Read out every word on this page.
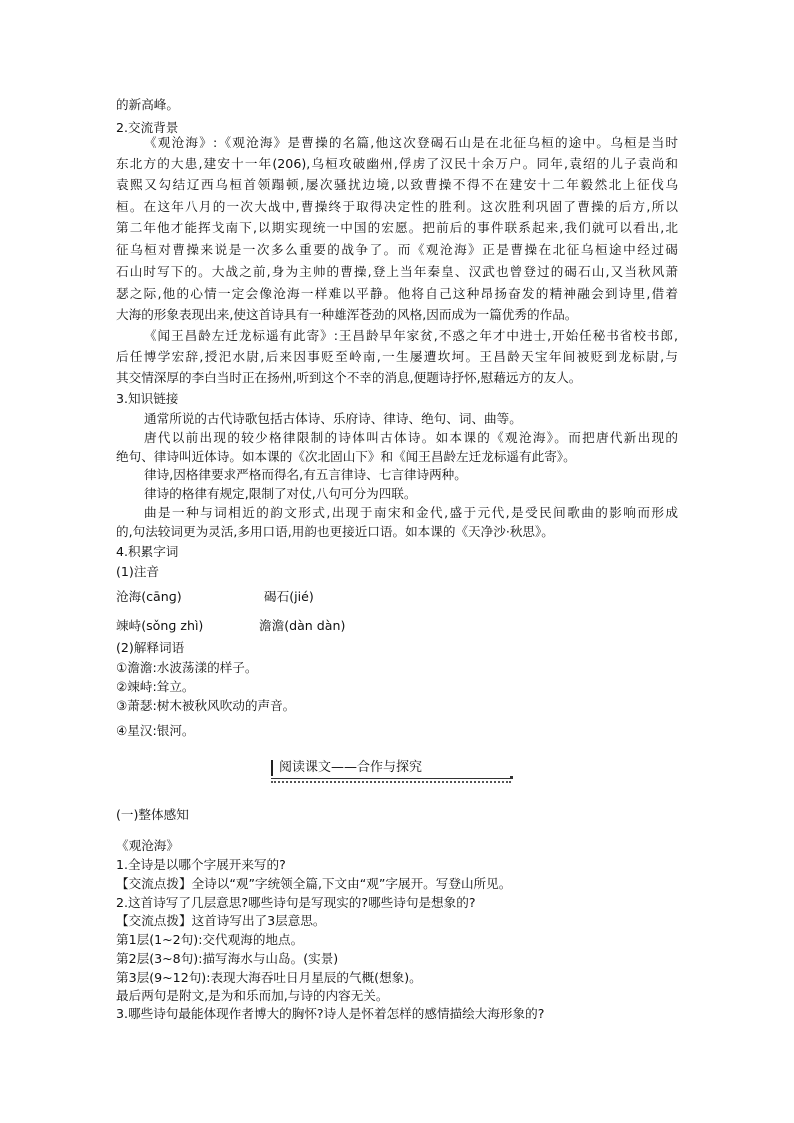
的新高峰。
2.交流背景
《观沧海》:《观沧海》是曹操的名篇,他这次登碣石山是在北征乌桓的途中。乌桓是当时
东北方的大患,建安十一年(206),乌桓攻破幽州,俘虏了汉民十余万户。同年,袁绍的儿子袁尚和
袁熙又勾结辽西乌桓首领蹋顿,屡次骚扰边境,以致曹操不得不在建安十二年毅然北上征伐乌
桓。在这年八月的一次大战中,曹操终于取得决定性的胜利。这次胜利巩固了曹操的后方,所以
第二年他才能挥戈南下,以期实现统一中国的宏愿。把前后的事件联系起来,我们就可以看出,北
征乌桓对曹操来说是一次多么重要的战争了。而《观沧海》正是曹操在北征乌桓途中经过碣
石山时写下的。大战之前,身为主帅的曹操,登上当年秦皇、汉武也曾登过的碣石山,又当秋风萧
瑟之际,他的心情一定会像沧海一样难以平静。他将自己这种昂扬奋发的精神融会到诗里,借着
大海的形象表现出来,使这首诗具有一种雄浑苍劲的风格,因而成为一篇优秀的作品。
《闻王昌龄左迁龙标遥有此寄》:王昌龄早年家贫,不惑之年才中进士,开始任秘书省校书郎,
后任博学宏辞,授汜水尉,后来因事贬至岭南,一生屡遭坎坷。王昌龄天宝年间被贬到龙标尉,与
其交情深厚的李白当时正在扬州,听到这个不幸的消息,便题诗抒怀,慰藉远方的友人。
3.知识链接
通常所说的古代诗歌包括古体诗、乐府诗、律诗、绝句、词、曲等。
唐代以前出现的较少格律限制的诗体叫古体诗。如本课的《观沧海》。而把唐代新出现的
绝句、律诗叫近体诗。如本课的《次北固山下》和《闻王昌龄左迁龙标遥有此寄》。
律诗,因格律要求严格而得名,有五言律诗、七言律诗两种。
律诗的格律有规定,限制了对仗,八句可分为四联。
曲是一种与词相近的韵文形式,出现于南宋和金代,盛于元代,是受民间歌曲的影响而形成
的,句法较词更为灵活,多用口语,用韵也更接近口语。如本课的《天净沙·秋思》。
4.积累字词
(1)注音
沧海(cānɡ)	碣石(jié)
竦峙(sǒnɡ zhì)	澹澹(dàn dàn)
(2)解释词语
①澹澹:水波荡漾的样子。
②竦峙:耸立。
③萧瑟:树木被秋风吹动的声音。
④星汉:银河。
阅读课文——合作与探究
(一)整体感知
《观沧海》
1.全诗是以哪个字展开来写的?
【交流点拨】全诗以“观”字统领全篇,下文由“观”字展开。写登山所见。
2.这首诗写了几层意思?哪些诗句是写现实的?哪些诗句是想象的?
【交流点拨】这首诗写出了3层意思。
第1层(1~2句):交代观海的地点。
第2层(3~8句):描写海水与山岛。(实景)
第3层(9~12句):表现大海吞吐日月星辰的气概(想象)。
最后两句是附文,是为和乐而加,与诗的内容无关。
3.哪些诗句最能体现作者博大的胸怀?诗人是怀着怎样的感情描绘大海形象的?
